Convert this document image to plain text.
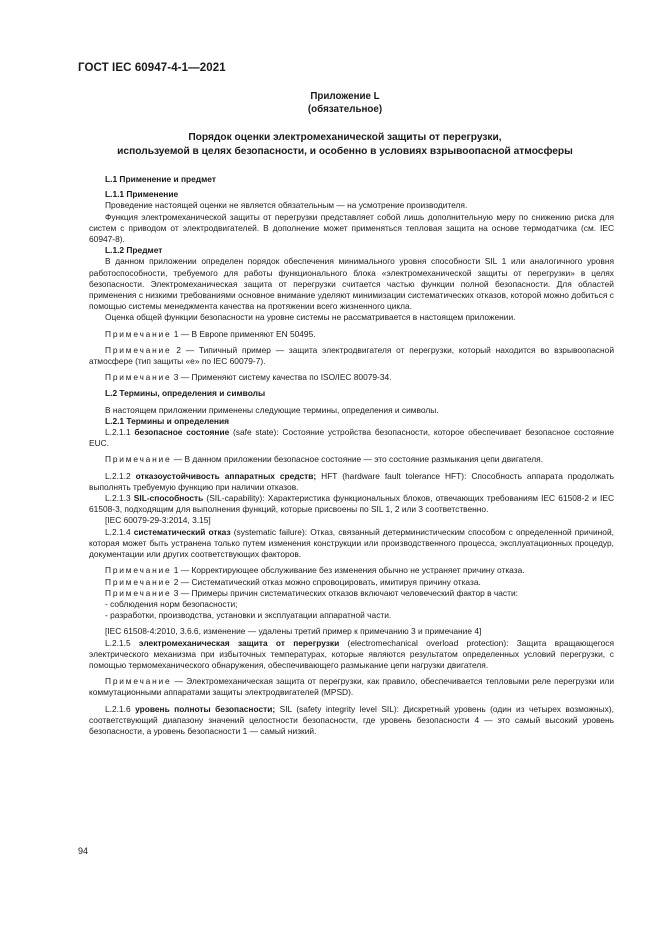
ГОСТ IEC 60947-4-1—2021
Приложение L
(обязательное)
Порядок оценки электромеханической защиты от перегрузки,
используемой в целях безопасности, и особенно в условиях взрывоопасной атмосферы

L.1 Применение и предмет

L.1.1 Применение

Проведение настоящей оценки не является обязательным — на усмотрение производителя.

Функция электромеханической защиты от перегрузки представляет собой лишь дополнительную меру по снижению риска для систем с приводом от электродвигателей. В дополнение может применяться тепловая защита на основе термодатчика (см. IEC 60947-8).

L.1.2 Предмет

В данном приложении определен порядок обеспечения минимального уровня способности SIL 1 или аналогичного уровня работоспособности, требуемого для работы функционального блока «электромеханической защиты от перегрузки» в целях безопасности. Электромеханическая защита от перегрузки считается частью функции полной безопасности. Для областей применения с низкими требованиями основное внимание уделяют минимизации систематических отказов, которой можно добиться с помощью системы менеджмента качества на протяжении всего жизненного цикла.

Оценка общей функции безопасности на уровне системы не рассматривается в настоящем приложении.

Примечание 1 — В Европе применяют EN 50495.

Примечание 2 — Типичный пример — защита электродвигателя от перегрузки, который находится во взрывоопасной атмосфере (тип защиты «е» по IEC 60079-7).

Примечание 3 — Применяют систему качества по ISO/IEC 80079-34.

L.2 Термины, определения и символы

В настоящем приложении применены следующие термины, определения и символы.

L.2.1 Термины и определения

L.2.1.1 безопасное состояние (safe state): Состояние устройства безопасности, которое обеспечивает безопасное состояние EUC.

Примечание — В данном приложении безопасное состояние — это состояние размыкания цепи двигателя.

L.2.1.2 отказоустойчивость аппаратных средств; HFT (hardware fault tolerance HFT): Способность аппарата продолжать выполнять требуемую функцию при наличии отказов.

L.2.1.3 SIL-способность (SIL-capability): Характеристика функциональных блоков, отвечающих требованиям IEC 61508-2 и IEC 61508-3, подходящим для выполнения функций, которые присвоены по SIL 1, 2 или 3 соответственно.

[IEC 60079-29-3:2014, 3.15]

L.2.1.4 систематический отказ (systematic failure): Отказ, связанный детерминистическим способом с определенной причиной, которая может быть устранена только путем изменения конструкции или производственного процесса, эксплуатационных процедур, документации или других соответствующих факторов.

Примечание 1 — Корректирующее обслуживание без изменения обычно не устраняет причину отказа.

Примечание 2 — Систематический отказ можно спровоцировать, имитируя причину отказа.

Примечание 3 — Примеры причин систематических отказов включают человеческий фактор в части:

- соблюдения норм безопасности;

- разработки, производства, установки и эксплуатации аппаратной части.

[IEC 61508-4:2010, 3.6.6, изменение — удалены третий пример к примечанию 3 и примечание 4]

L.2.1.5 электромеханическая защита от перегрузки (electromechanical overload protection): Защита вращающегося электрического механизма при избыточных температурах, которые являются результатом определенных условий перегрузки, с помощью термомеханического обнаружения, обеспечивающего размыкание цепи нагрузки двигателя.

Примечание — Электромеханическая защита от перегрузки, как правило, обеспечивается тепловыми реле перегрузки или коммутационными аппаратами защиты электродвигателей (MPSD).

L.2.1.6 уровень полноты безопасности; SIL (safety integrity level SIL): Дискретный уровень (один из четырех возможных), соответствующий диапазону значений целостности безопасности, где уровень безопасности 4 — это самый высокий уровень безопасности, а уровень безопасности 1 — самый низкий.

94
